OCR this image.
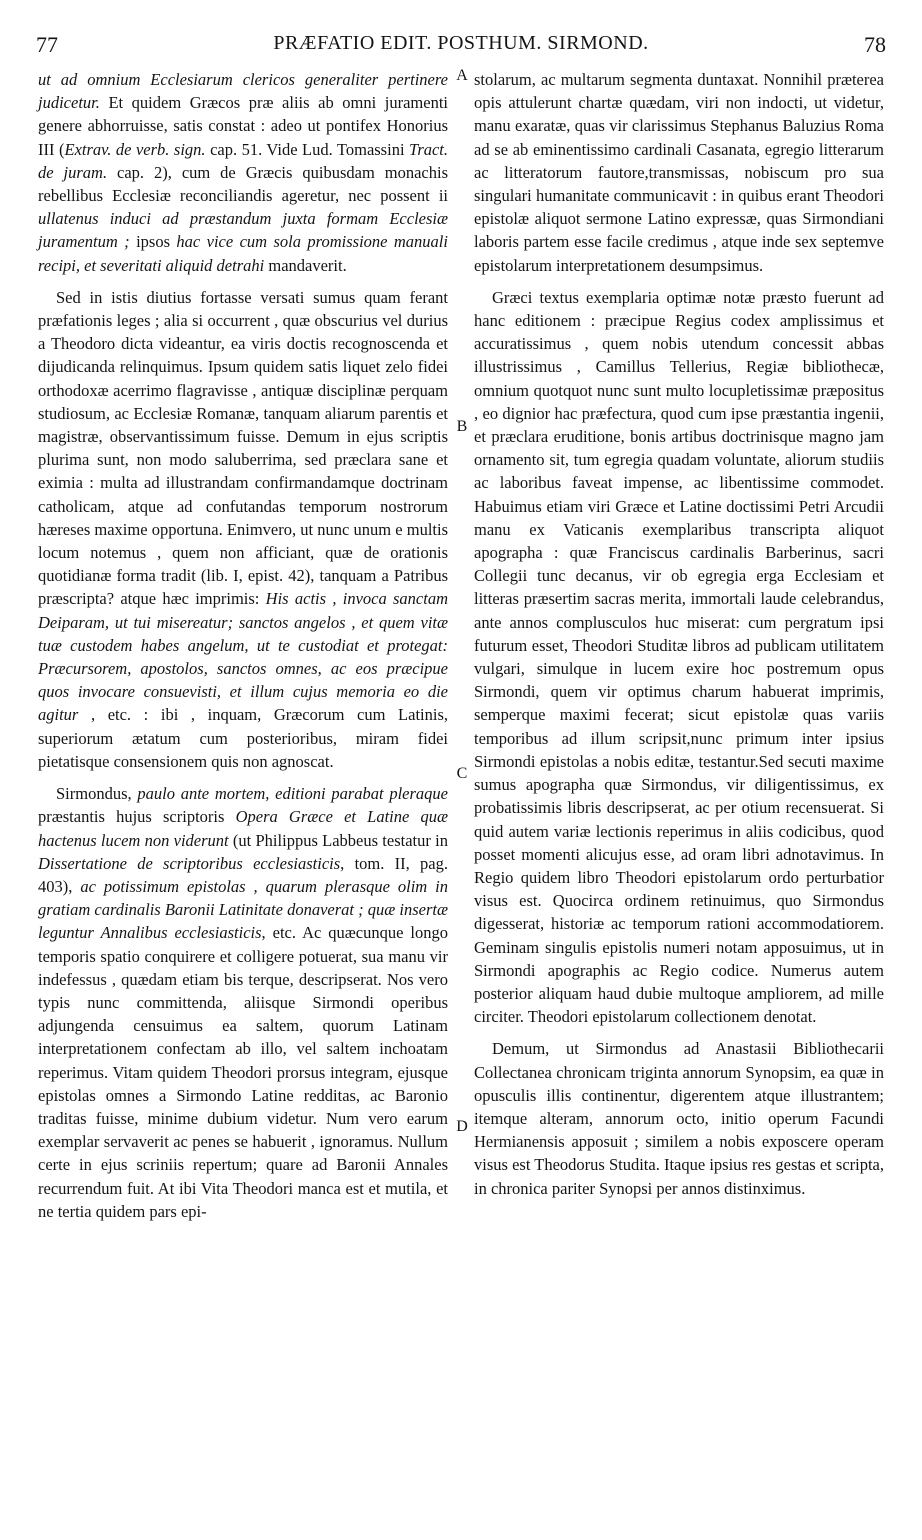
77	PRÆFATIO EDIT. POSTHUM. SIRMOND.	78
A
B
C
D

ut ad omnium Ecclesiarum clericos generaliter pertinere judicetur. Et quidem Græcos præ aliis ab omni juramenti genere abhorruisse, satis constat : adeo ut pontifex Honorius III (Extrav. de verb. sign. cap. 51. Vide Lud. Tomassini Tract. de juram. cap. 2), cum de Græcis quibusdam monachis rebellibus Ecclesiæ reconciliandis ageretur, nec possent ii ullatenus induci ad præstandum juxta formam Ecclesiæ juramentum ; ipsos hac vice cum sola promissione manuali recipi, et severitati aliquid detrahi mandaverit.

Sed in istis diutius fortasse versati sumus quam ferant præfationis leges ; alia si occurrent , quæ obscurius vel durius a Theodoro dicta videantur, ea viris doctis recognoscenda et dijudicanda relinquimus. Ipsum quidem satis liquet zelo fidei orthodoxæ acerrimo flagravisse , antiquæ disciplinæ perquam studiosum, ac Ecclesiæ Romanæ, tanquam aliarum parentis et magistræ, observantissimum fuisse. Demum in ejus scriptis plurima sunt, non modo saluberrima, sed præclara sane et eximia : multa ad illustrandam confirmandamque doctrinam catholicam, atque ad confutandas temporum nostrorum hæreses maxime opportuna. Enimvero, ut nunc unum e multis locum notemus , quem non afficiant, quæ de orationis quotidianæ forma tradit (lib. I, epist. 42), tanquam a Patribus præscripta? atque hæc imprimis: His actis , invoca sanctam Deiparam, ut tui misereatur; sanctos angelos , et quem vitæ tuæ custodem habes angelum, ut te custodiat et protegat: Præcursorem, apostolos, sanctos omnes, ac eos præcipue quos invocare consuevisti, et illum cujus memoria eo die agitur , etc. : ibi , inquam, Græcorum cum Latinis, superiorum ætatum cum posterioribus, miram fidei pietatisque consensionem quis non agnoscat.

Sirmondus, paulo ante mortem, editioni parabat pleraque præstantis hujus scriptoris Opera Græce et Latine quæ hactenus lucem non viderunt (ut Philippus Labbeus testatur in Dissertatione de scriptoribus ecclesiasticis, tom. II, pag. 403), ac potissimum epistolas , quarum plerasque olim in gratiam cardinalis Baronii Latinitate donaverat ; quæ insertæ leguntur Annalibus ecclesiasticis, etc. Ac quæcunque longo temporis spatio conquirere et colligere potuerat, sua manu vir indefessus , quædam etiam bis terque, descripserat. Nos vero typis nunc committenda, aliisque Sirmondi operibus adjungenda censuimus ea saltem, quorum Latinam interpretationem confectam ab illo, vel saltem inchoatam reperimus. Vitam quidem Theodori prorsus integram, ejusque epistolas omnes a Sirmondo Latine redditas, ac Baronio traditas fuisse, minime dubium videtur. Num vero earum exemplar servaverit ac penes se habuerit , ignoramus. Nullum certe in ejus scriniis repertum; quare ad Baronii Annales recurrendum fuit. At ibi Vita Theodori manca est et mutila, et ne tertia quidem pars epi-

stolarum, ac multarum segmenta duntaxat. Nonnihil præterea opis attulerunt chartæ quædam, viri non indocti, ut videtur, manu exaratæ, quas vir clarissimus Stephanus Baluzius Roma ad se ab eminentissimo cardinali Casanata, egregio litterarum ac litteratorum fautore,transmissas, nobiscum pro sua singulari humanitate communicavit : in quibus erant Theodori epistolæ aliquot sermone Latino expressæ, quas Sirmondiani laboris partem esse facile credimus , atque inde sex septemve epistolarum interpretationem desumpsimus.

Græci textus exemplaria optimæ notæ præsto fuerunt ad hanc editionem : præcipue Regius codex amplissimus et accuratissimus , quem nobis utendum concessit abbas illustrissimus , Camillus Tellerius, Regiæ bibliothecæ, omnium quotquot nunc sunt multo locupletissimæ præpositus , eo dignior hac præfectura, quod cum ipse præstantia ingenii, et præclara eruditione, bonis artibus doctrinisque magno jam ornamento sit, tum egregia quadam voluntate, aliorum studiis ac laboribus faveat impense, ac libentissime commodet. Habuimus etiam viri Græce et Latine doctissimi Petri Arcudii manu ex Vaticanis exemplaribus transcripta aliquot apographa : quæ Franciscus cardinalis Barberinus, sacri Collegii tunc decanus, vir ob egregia erga Ecclesiam et litteras præsertim sacras merita, immortali laude celebrandus, ante annos complusculos huc miserat: cum pergratum ipsi futurum esset, Theodori Studitæ libros ad publicam utilitatem vulgari, simulque in lucem exire hoc postremum opus Sirmondi, quem vir optimus charum habuerat imprimis, semperque maximi fecerat; sicut epistolæ quas variis temporibus ad illum scripsit,nunc primum inter ipsius Sirmondi epistolas a nobis editæ, testantur.Sed secuti maxime sumus apographa quæ Sirmondus, vir diligentissimus, ex probatissimis libris descripserat, ac per otium recensuerat. Si quid autem variæ lectionis reperimus in aliis codicibus, quod posset momenti alicujus esse, ad oram libri adnotavimus. In Regio quidem libro Theodori epistolarum ordo perturbatior visus est. Quocirca ordinem retinuimus, quo Sirmondus digesserat, historiæ ac temporum rationi accommodatiorem. Geminam singulis epistolis numeri notam apposuimus, ut in Sirmondi apographis ac Regio codice. Numerus autem posterior aliquam haud dubie multoque ampliorem, ad mille circiter. Theodori epistolarum collectionem denotat.

Demum, ut Sirmondus ad Anastasii Bibliothecarii Collectanea chronicam triginta annorum Synopsim, ea quæ in opusculis illis continentur, digerentem atque illustrantem; itemque alteram, annorum octo, initio operum Facundi Hermianensis apposuit ; similem a nobis exposcere operam visus est Theodorus Studita. Itaque ipsius res gestas et scripta, in chronica pariter Synopsi per annos distinximus.
